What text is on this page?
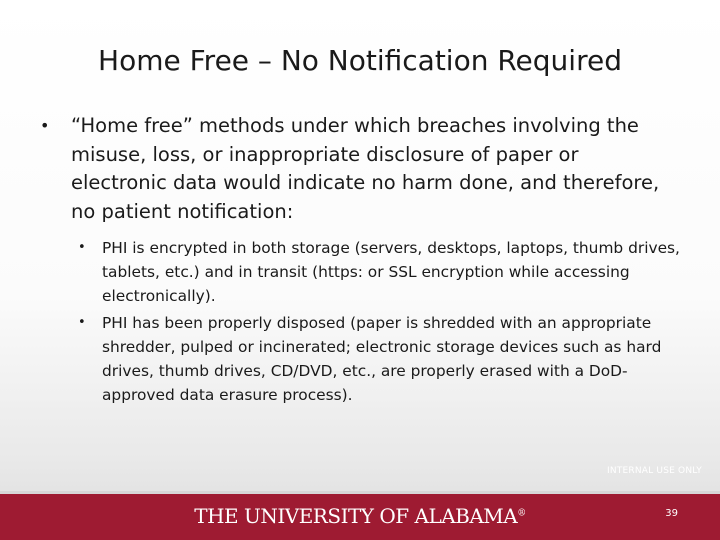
Home Free – No Notification Required
• “Home free” methods under which breaches involving the misuse, loss, or inappropriate disclosure of paper or electronic data would indicate no harm done, and therefore, no patient notification:
• PHI is encrypted in both storage (servers, desktops, laptops, thumb drives, tablets, etc.) and in transit (https: or SSL encryption while accessing electronically).
• PHI has been properly disposed (paper is shredded with an appropriate shredder, pulped or incinerated; electronic storage devices such as hard drives, thumb drives, CD/DVD, etc., are properly erased with a DoD-approved data erasure process).
INTERNAL USE ONLY
THE UNIVERSITY OF ALABAMA®	39
